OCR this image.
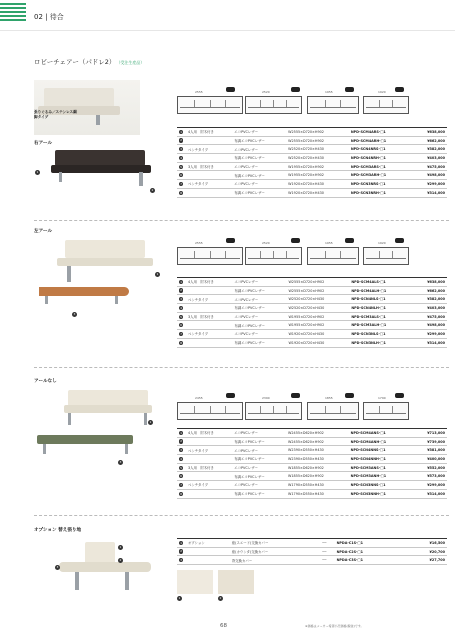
02 | 待合
ロビーチェアー（パドレ2） （受注生産品）
張りぐるみ／ステンレス鋼脚タイプ
右アール
1
2
2555	2520	1955	1920
1	4人用　肘木付き	エコPVCレザー	W2555×D720×H902	NPD-SCM4ARS-□1	¥638,000
2		布調エコPVCレザー	W2555×D720×H902	NPD-SCM4ARH-□1	¥662,000
3	ベンチタイプ	エコPVCレザー	W2520×D720×H430	NPD-SCN4NRS-□1	¥382,000
4		布調エコPVCレザー	W2520×D720×H430	NPD-SCN4NRH-□1	¥403,000
5	3人用　肘木付き	エコPVCレザー	W1955×D720×H902	NPD-SCM3ARS-□1	¥475,000
6		布調エコPVCレザー	W1955×D720×H902	NPD-SCM3ARH-□1	¥498,000
7	ベンチタイプ	エコPVCレザー	W1920×D720×H430	NPD-SCN3NRS-□1	¥299,000
8		布調エコPVCレザー	W1920×D720×H430	NPD-SCN3NRH-□1	¥314,000
左アール
1
3
2555	2520	1955	1920
1	4人用　肘木付き	エコPVCレザー	W2555×D720×H902	NPD-SCM4ALS-□1	¥638,000
2		布調エコPVCレザー	W2555×D720×H902	NPD-SCM4ALH-□1	¥662,000
3	ベンチタイプ	エコPVCレザー	W2520×D720×H430	NPD-SCN4NLS-□1	¥382,000
4		布調エコPVCレザー	W2520×D720×H430	NPD-SCN4NLH-□1	¥403,000
5	3人用　肘木付き	エコPVCレザー	W1955×D720×H902	NPD-SCM3ALS-□1	¥475,000
6		布調エコPVCレザー	W1955×D720×H902	NPD-SCM3ALH-□1	¥498,000
7	ベンチタイプ	エコPVCレザー	W1920×D720×H430	NPD-SCN3NLS-□1	¥299,000
8		布調エコPVCレザー	W1920×D720×H430	NPD-SCN3NLH-□1	¥314,000
アールなし
1
3
2455	2390	1855	1790
1	4人用　肘木付き	エコPVCレザー	W2455×D620×H902	NPD-SCM4ANS-□1	¥713,000
2		布調エコPVCレザー	W2455×D620×H902	NPD-SCM4ANH-□1	¥739,000
3	ベンチタイプ	エコPVCレザー	W2390×D550×H430	NPD-SCN4NNS-□1	¥381,000
4		布調エコPVCレザー	W2390×D550×H430	NPD-SCN4NNH-□1	¥400,000
5	3人用　肘木付き	エコPVCレザー	W1855×D620×H902	NPD-SCM3ANS-□1	¥552,000
6		布調エコPVCレザー	W1855×D620×H902	NPD-SCM3ANH-□1	¥573,000
7	ベンチタイプ	エコPVCレザー	W1790×D550×H430	NPD-SCN3NNS-□1	¥299,000
8		布調エコPVCレザー	W1790×D550×H430	NPD-SCN3NNH-□1	¥314,000
オプション 替え張り地
1
2
3
1	2
1	オプション	座(スエード)交換カバー	──	NPDA-C1S-□1	¥16,500
2		座(カウンタ)交換カバー	──	NPDA-C2S-□1	¥20,700
3		背交換カバー	──	NPDA-C3S-□1	¥27,700
68	※価格はメーカー希望小売価格(税抜)です。
